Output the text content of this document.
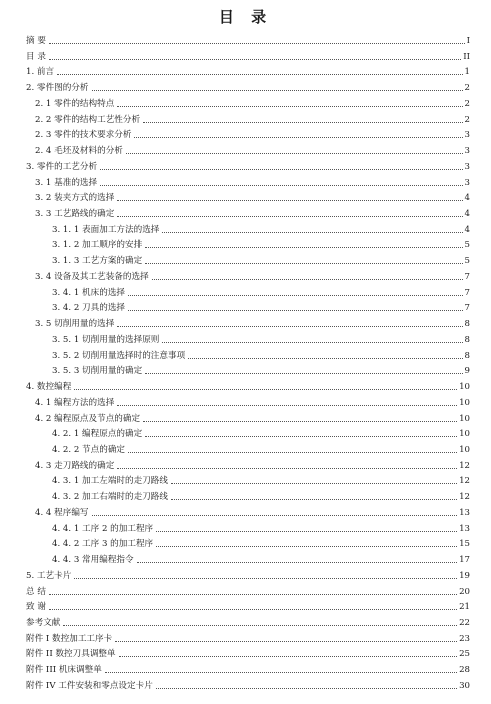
目 录
摘 要	I
目 录	II
1. 前言	1
2. 零件图的分析	2
2. 1 零件的结构特点	2
2. 2 零件的结构工艺性分析	2
2. 3 零件的技术要求分析	3
2. 4 毛坯及材料的分析	3
3. 零件的工艺分析	3
3. 1 基准的选择	3
3. 2 装夹方式的选择	4
3. 3 工艺路线的确定	4
3. 1. 1 表面加工方法的选择	4
3. 1. 2 加工顺序的安排	5
3. 1. 3 工艺方案的确定	5
3. 4 设备及其工艺装备的选择	7
3. 4. 1 机床的选择	7
3. 4. 2 刀具的选择	7
3. 5 切削用量的选择	8
3. 5. 1 切削用量的选择原则	8
3. 5. 2 切削用量选择时的注意事项	8
3. 5. 3 切削用量的确定	9
4. 数控编程	10
4. 1 编程方法的选择	10
4. 2 编程原点及节点的确定	10
4. 2. 1 编程原点的确定	10
4. 2. 2 节点的确定	10
4. 3 走刀路线的确定	12
4. 3. 1 加工左端时的走刀路线	12
4. 3. 2 加工右端时的走刀路线	12
4. 4 程序编写	13
4. 4. 1 工序 2 的加工程序	13
4. 4. 2 工序 3 的加工程序	15
4. 4. 3 常用编程指令	17
5. 工艺卡片	19
总 结	20
致 谢	21
参考文献	22
附件 I 数控加工工序卡	23
附件 II 数控刀具调整单	25
附件 III 机床调整单	28
附件 IV 工件安装和零点设定卡片	30
